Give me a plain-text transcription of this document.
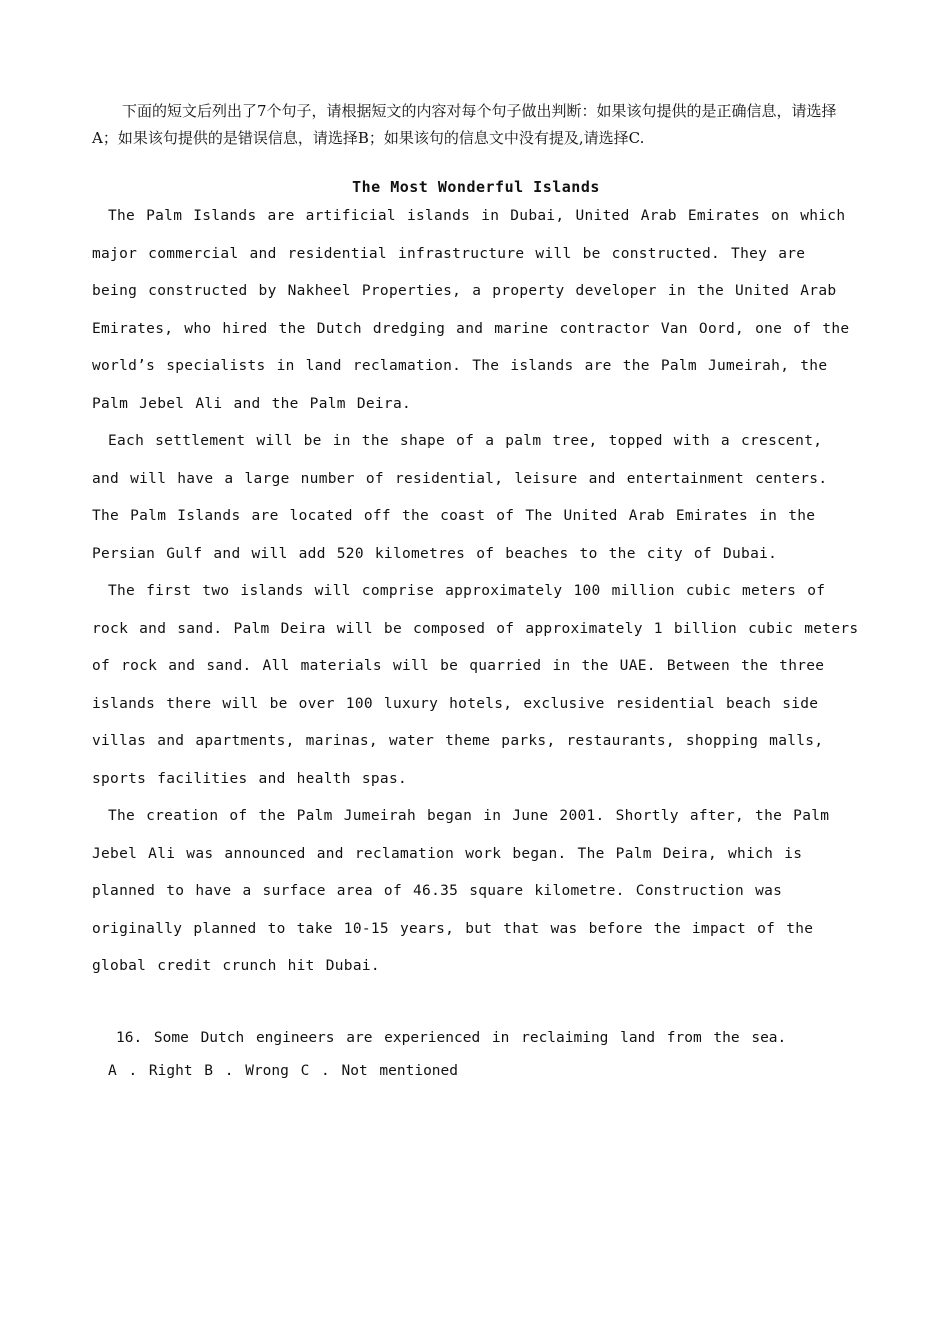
下面的短文后列出了7个句子，请根据短文的内容对每个句子做出判断：如果该句提供的是正确信息，请选择A；如果该句提供的是错误信息，请选择B；如果该句的信息文中没有提及,请选择C.

The Most Wonderful Islands

The Palm Islands are artificial islands in Dubai, United Arab Emirates on which major commercial and residential infrastructure will be constructed. They are being constructed by Nakheel Properties, a property developer in the United Arab Emirates, who hired the Dutch dredging and marine contractor Van Oord, one of the world’s specialists in land reclamation. The islands are the Palm Jumeirah, the Palm Jebel Ali and the Palm Deira.

Each settlement will be in the shape of a palm tree, topped with a crescent, and will have a large number of residential, leisure and entertainment centers. The Palm Islands are located off the coast of The United Arab Emirates in the Persian Gulf and will add 520 kilometres of beaches to the city of Dubai.

The first two islands will comprise approximately 100 million cubic meters of rock and sand. Palm Deira will be composed of approximately 1 billion cubic meters of rock and sand. All materials will be quarried in the UAE. Between the three islands there will be over 100 luxury hotels, exclusive residential beach side villas and apartments, marinas, water theme parks, restaurants, shopping malls, sports facilities and health spas.

The creation of the Palm Jumeirah began in June 2001. Shortly after, the Palm Jebel Ali was announced and reclamation work began. The Palm Deira, which is planned to have a surface area of 46.35 square kilometre. Construction was originally planned to take 10-15 years, but that was before the impact of the global credit crunch hit Dubai.

16. Some Dutch engineers are experienced in reclaiming land from the sea.

A . Right B . Wrong C . Not mentioned
